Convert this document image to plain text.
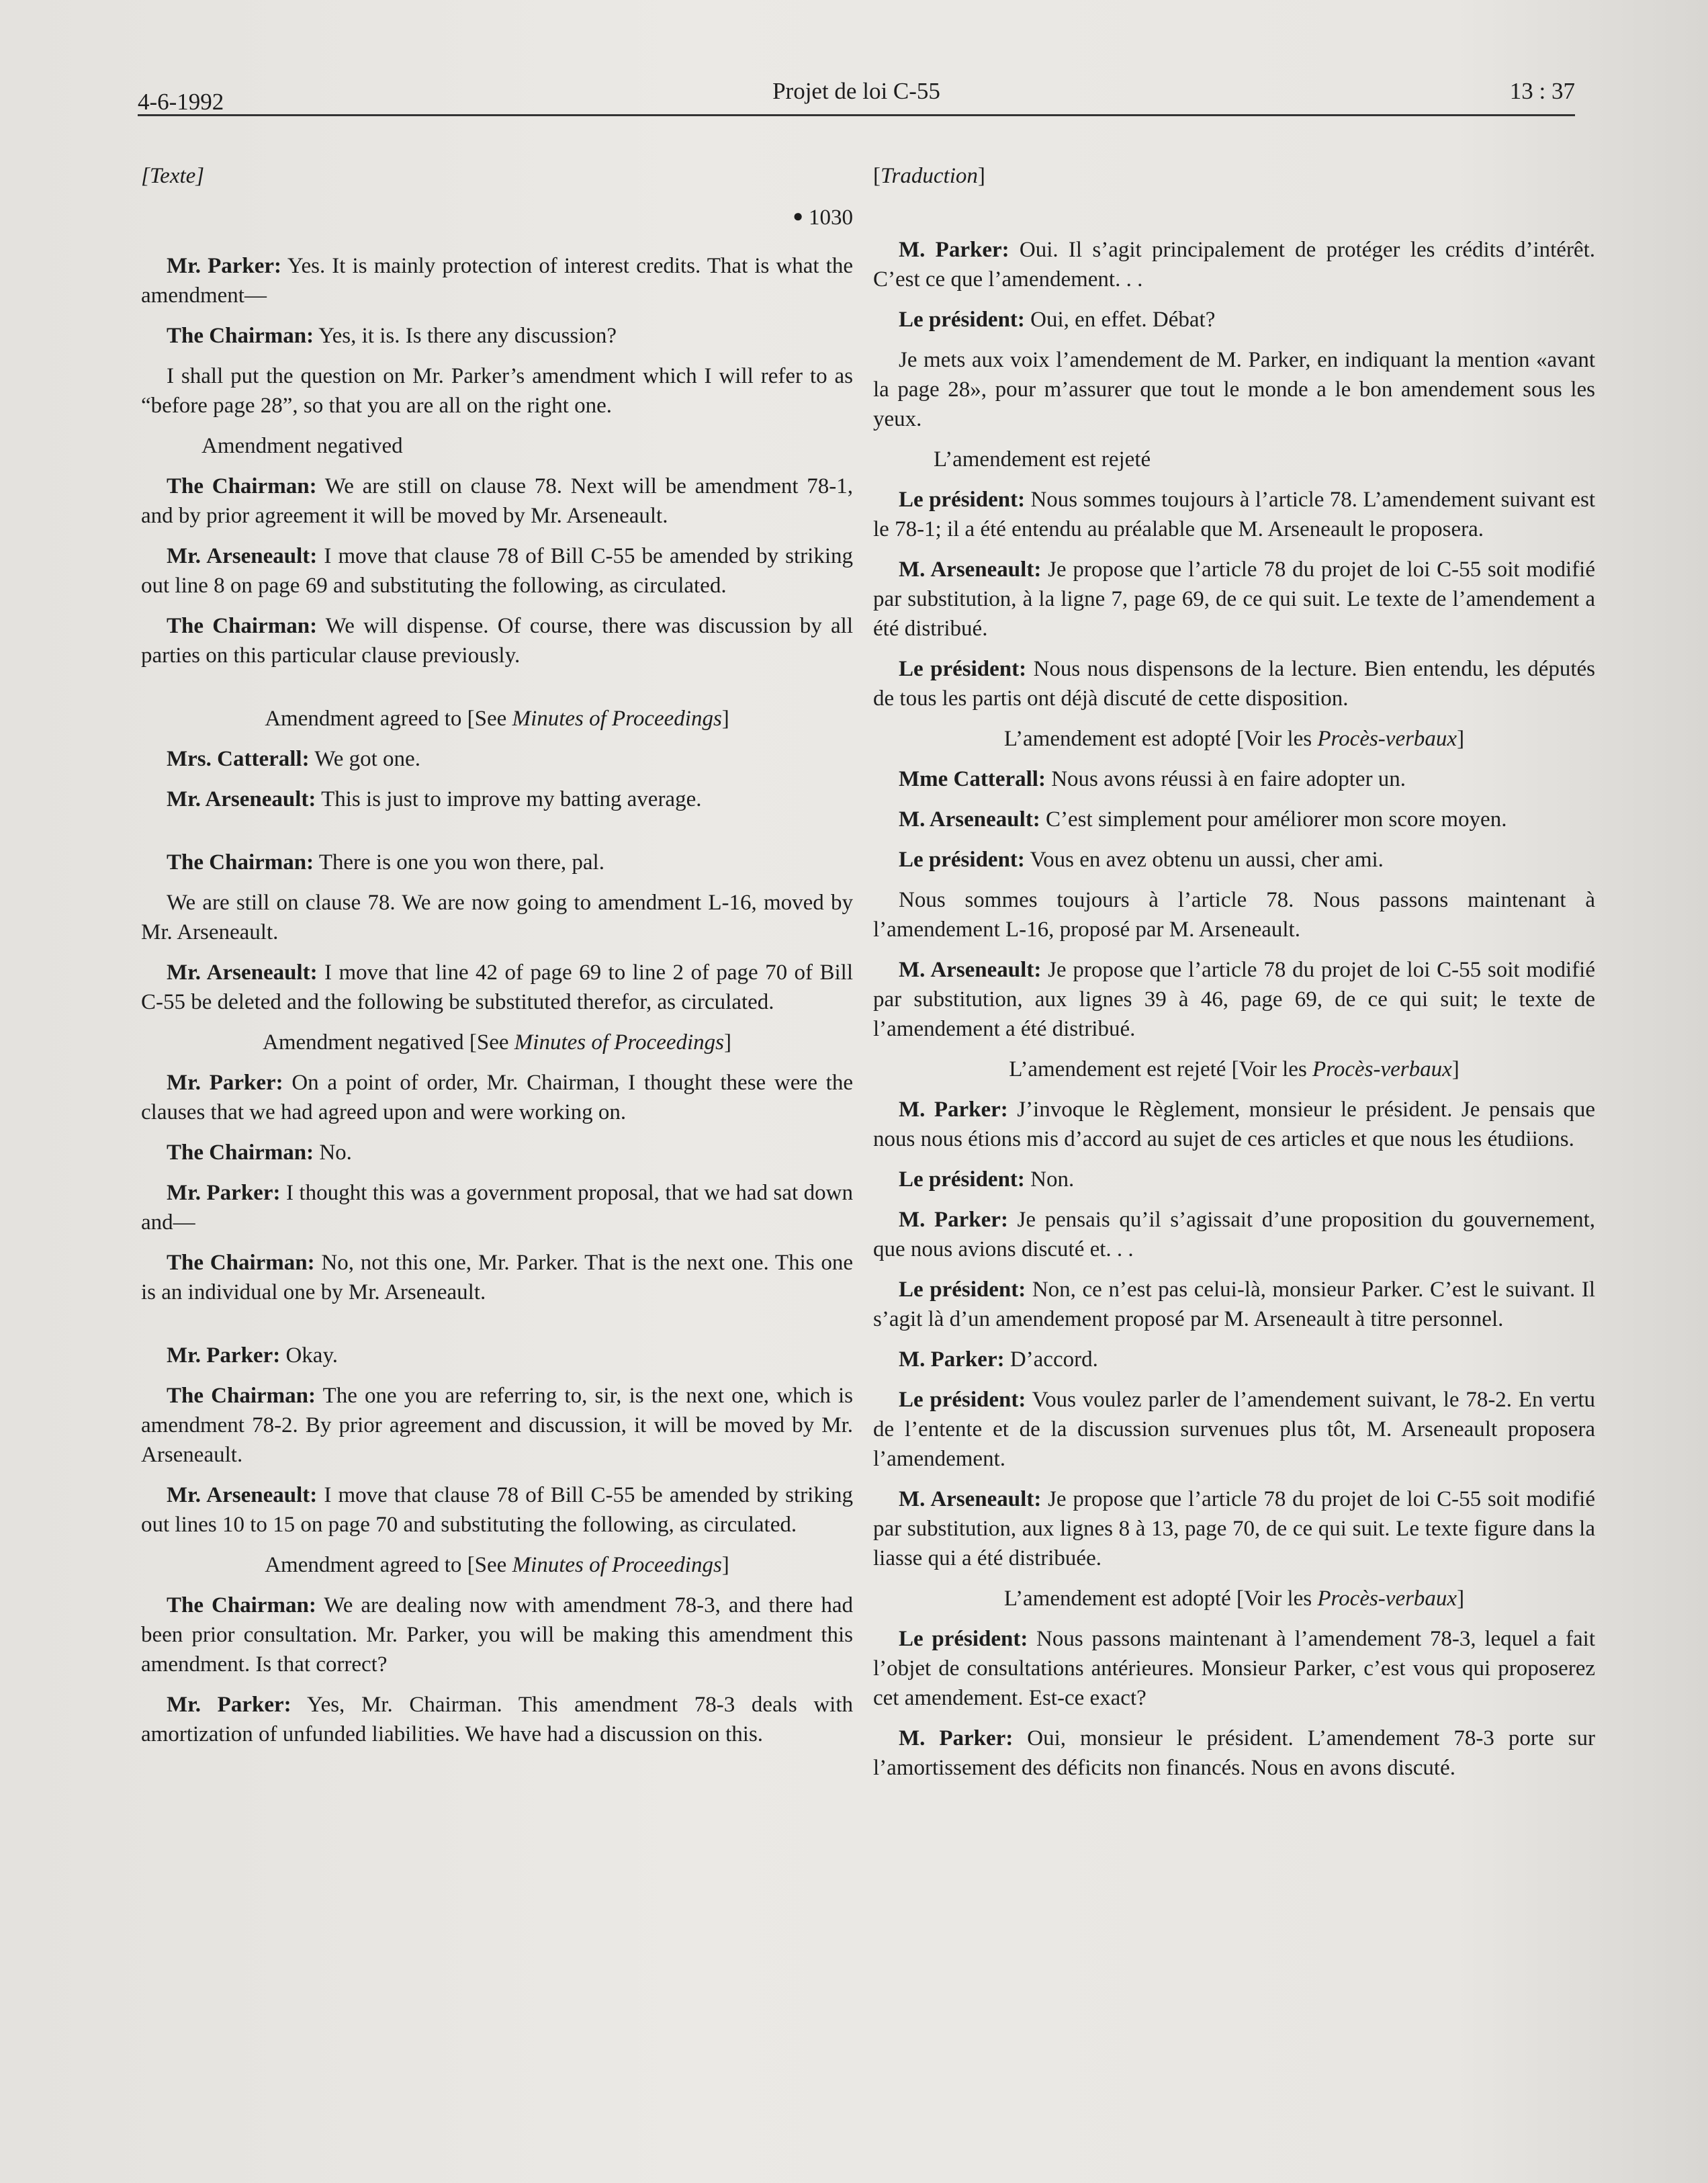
4-6-1992	Projet de loi C-55	13 : 37

[Texte]

● 1030

Mr. Parker: Yes. It is mainly protection of interest credits. That is what the amendment—

The Chairman: Yes, it is. Is there any discussion?

I shall put the question on Mr. Parker’s amendment which I will refer to as “before page 28”, so that you are all on the right one.

Amendment negatived

The Chairman: We are still on clause 78. Next will be amendment 78-1, and by prior agreement it will be moved by Mr. Arseneault.

Mr. Arseneault: I move that clause 78 of Bill C-55 be amended by striking out line 8 on page 69 and substituting the following, as circulated.

The Chairman: We will dispense. Of course, there was discussion by all parties on this particular clause previously.

Amendment agreed to [See Minutes of Proceedings]

Mrs. Catterall: We got one.

Mr. Arseneault: This is just to improve my batting average.

The Chairman: There is one you won there, pal.

We are still on clause 78. We are now going to amendment L-16, moved by Mr. Arseneault.

Mr. Arseneault: I move that line 42 of page 69 to line 2 of page 70 of Bill C-55 be deleted and the following be substituted therefor, as circulated.

Amendment negatived [See Minutes of Proceedings]

Mr. Parker: On a point of order, Mr. Chairman, I thought these were the clauses that we had agreed upon and were working on.

The Chairman: No.

Mr. Parker: I thought this was a government proposal, that we had sat down and—

The Chairman: No, not this one, Mr. Parker. That is the next one. This one is an individual one by Mr. Arseneault.

Mr. Parker: Okay.

The Chairman: The one you are referring to, sir, is the next one, which is amendment 78-2. By prior agreement and discussion, it will be moved by Mr. Arseneault.

Mr. Arseneault: I move that clause 78 of Bill C-55 be amended by striking out lines 10 to 15 on page 70 and substituting the following, as circulated.

Amendment agreed to [See Minutes of Proceedings]

The Chairman: We are dealing now with amendment 78-3, and there had been prior consultation. Mr. Parker, you will be making this amendment this amendment. Is that correct?

Mr. Parker: Yes, Mr. Chairman. This amendment 78-3 deals with amortization of unfunded liabilities. We have had a discussion on this.

[Traduction]

M. Parker: Oui. Il s’agit principalement de protéger les crédits d’intérêt. C’est ce que l’amendement. . .

Le président: Oui, en effet. Débat?

Je mets aux voix l’amendement de M. Parker, en indiquant la mention «avant la page 28», pour m’assurer que tout le monde a le bon amendement sous les yeux.

L’amendement est rejeté

Le président: Nous sommes toujours à l’article 78. L’amendement suivant est le 78-1; il a été entendu au préalable que M. Arseneault le proposera.

M. Arseneault: Je propose que l’article 78 du projet de loi C-55 soit modifié par substitution, à la ligne 7, page 69, de ce qui suit. Le texte de l’amendement a été distribué.

Le président: Nous nous dispensons de la lecture. Bien entendu, les députés de tous les partis ont déjà discuté de cette disposition.

L’amendement est adopté [Voir les Procès-verbaux]

Mme Catterall: Nous avons réussi à en faire adopter un.

M. Arseneault: C’est simplement pour améliorer mon score moyen.

Le président: Vous en avez obtenu un aussi, cher ami.

Nous sommes toujours à l’article 78. Nous passons maintenant à l’amendement L-16, proposé par M. Arseneault.

M. Arseneault: Je propose que l’article 78 du projet de loi C-55 soit modifié par substitution, aux lignes 39 à 46, page 69, de ce qui suit; le texte de l’amendement a été distribué.

L’amendement est rejeté [Voir les Procès-verbaux]

M. Parker: J’invoque le Règlement, monsieur le président. Je pensais que nous nous étions mis d’accord au sujet de ces articles et que nous les étudiions.

Le président: Non.

M. Parker: Je pensais qu’il s’agissait d’une proposition du gouvernement, que nous avions discuté et. . .

Le président: Non, ce n’est pas celui-là, monsieur Parker. C’est le suivant. Il s’agit là d’un amendement proposé par M. Arseneault à titre personnel.

M. Parker: D’accord.

Le président: Vous voulez parler de l’amendement suivant, le 78-2. En vertu de l’entente et de la discussion survenues plus tôt, M. Arseneault proposera l’amendement.

M. Arseneault: Je propose que l’article 78 du projet de loi C-55 soit modifié par substitution, aux lignes 8 à 13, page 70, de ce qui suit. Le texte figure dans la liasse qui a été distribuée.

L’amendement est adopté [Voir les Procès-verbaux]

Le président: Nous passons maintenant à l’amendement 78-3, lequel a fait l’objet de consultations antérieures. Monsieur Parker, c’est vous qui proposerez cet amendement. Est-ce exact?

M. Parker: Oui, monsieur le président. L’amendement 78-3 porte sur l’amortissement des déficits non financés. Nous en avons discuté.
